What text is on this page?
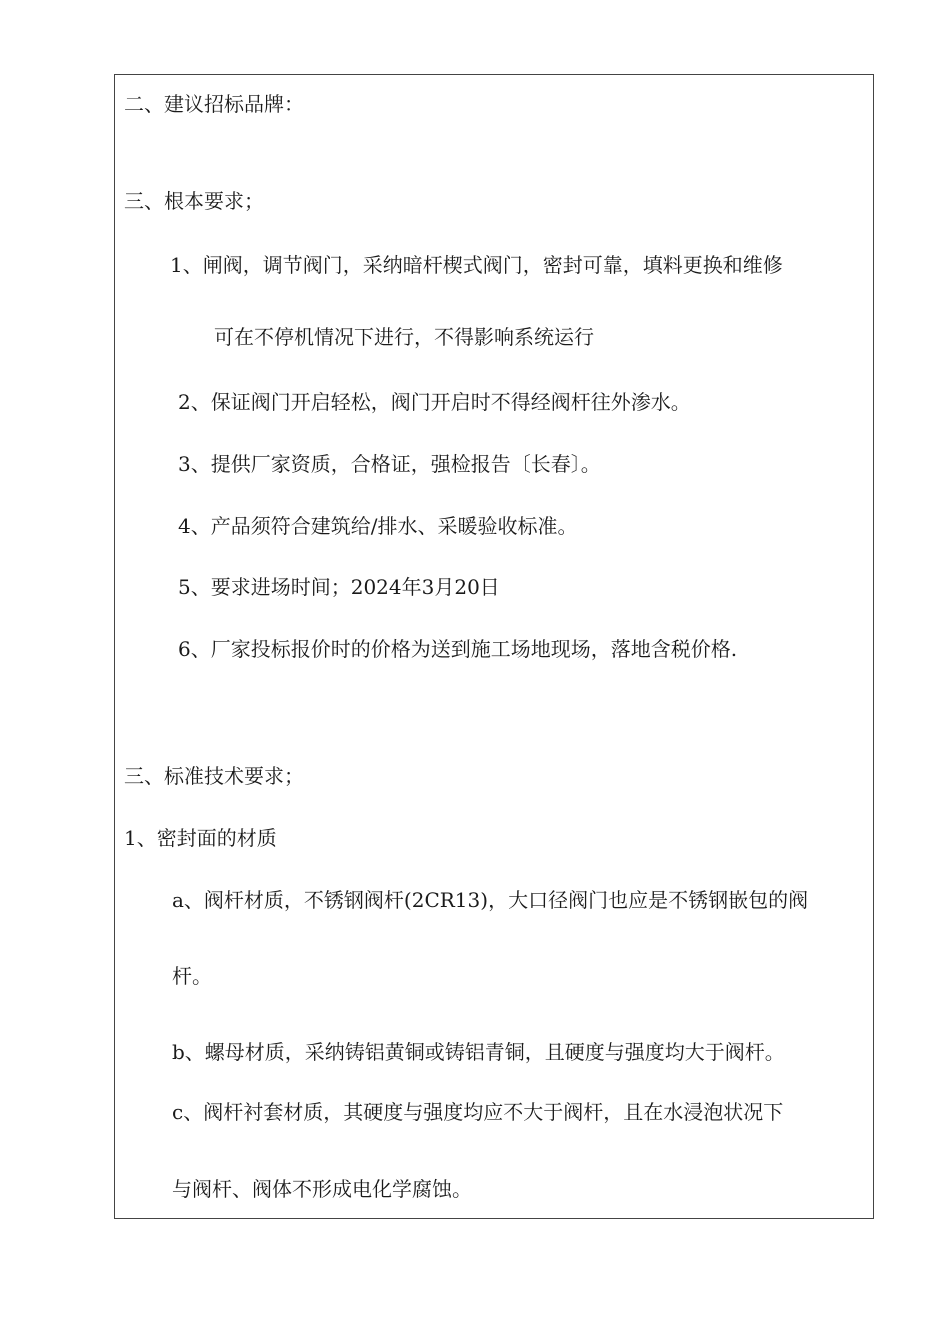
二、建议招标品牌：
三、根本要求；
1、闸阀，调节阀门，采纳暗杆楔式阀门，密封可靠，填料更换和维修
可在不停机情况下进行，不得影响系统运行
2、保证阀门开启轻松，阀门开启时不得经阀杆往外渗水。
3、提供厂家资质，合格证，强检报告〔长春〕。
4、产品须符合建筑给/排水、采暖验收标准。
5、要求进场时间；2024年3月20日
6、厂家投标报价时的价格为送到施工场地现场，落地含税价格.
三、标准技术要求；
1、密封面的材质
a、阀杆材质，不锈钢阀杆(2CR13)，大口径阀门也应是不锈钢嵌包的阀
杆。
b、螺母材质，采纳铸铝黄铜或铸铝青铜，且硬度与强度均大于阀杆。
c、阀杆衬套材质，其硬度与强度均应不大于阀杆，且在水浸泡状况下
与阀杆、阀体不形成电化学腐蚀。
